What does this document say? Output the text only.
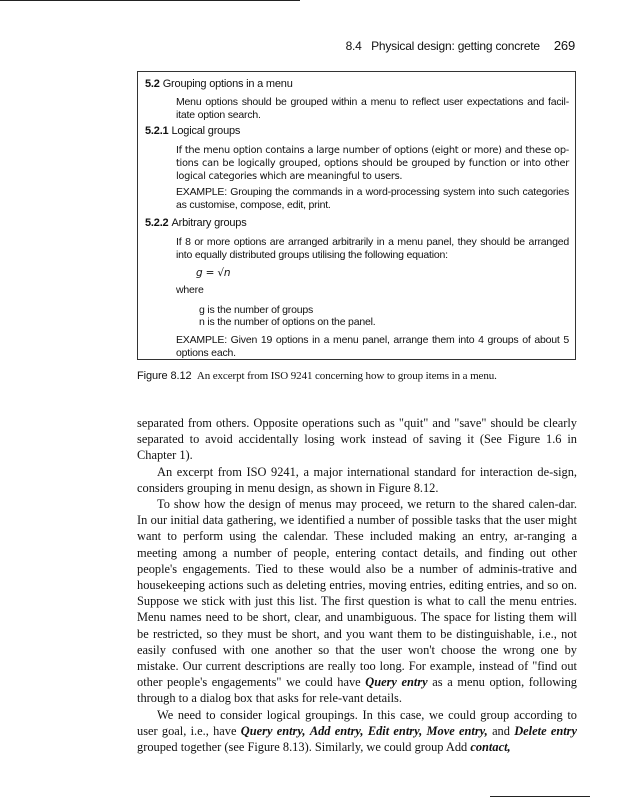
8.4 Physical design: getting concrete 269
5.2 Grouping options in a menu

Menu options should be grouped within a menu to reflect user expectations and facil-itate option search.

5.2.1 Logical groups

If the menu option contains a large number of options (eight or more) and these op-tions can be logically grouped, options should be grouped by function or into other logical categories which are meaningful to users.

EXAMPLE: Grouping the commands in a word-processing system into such categories as customise, compose, edit, print.

5.2.2 Arbitrary groups

If 8 or more options are arranged arbitrarily in a menu panel, they should be arranged into equally distributed groups utilising the following equation:

g = √n

where

g is the number of groups

n is the number of options on the panel.

EXAMPLE: Given 19 options in a menu panel, arrange them into 4 groups of about 5 options each.

Figure 8.12 An excerpt from ISO 9241 concerning how to group items in a menu.

separated from others. Opposite operations such as "quit" and "save" should be clearly separated to avoid accidentally losing work instead of saving it (See Figure 1.6 in Chapter 1).

An excerpt from ISO 9241, a major international standard for interaction de-sign, considers grouping in menu design, as shown in Figure 8.12.

To show how the design of menus may proceed, we return to the shared calen-dar. In our initial data gathering, we identified a number of possible tasks that the user might want to perform using the calendar. These included making an entry, ar-ranging a meeting among a number of people, entering contact details, and finding out other people's engagements. Tied to these would also be a number of adminis-trative and housekeeping actions such as deleting entries, moving entries, editing entries, and so on. Suppose we stick with just this list. The first question is what to call the menu entries. Menu names need to be short, clear, and unambiguous. The space for listing them will be restricted, so they must be short, and you want them to be distinguishable, i.e., not easily confused with one another so that the user won't choose the wrong one by mistake. Our current descriptions are really too long. For example, instead of "find out other people's engagements" we could have Query entry as a menu option, following through to a dialog box that asks for rele-vant details.

We need to consider logical groupings. In this case, we could group according to user goal, i.e., have Query entry, Add entry, Edit entry, Move entry, and Delete entry grouped together (see Figure 8.13). Similarly, we could group Add contact,
